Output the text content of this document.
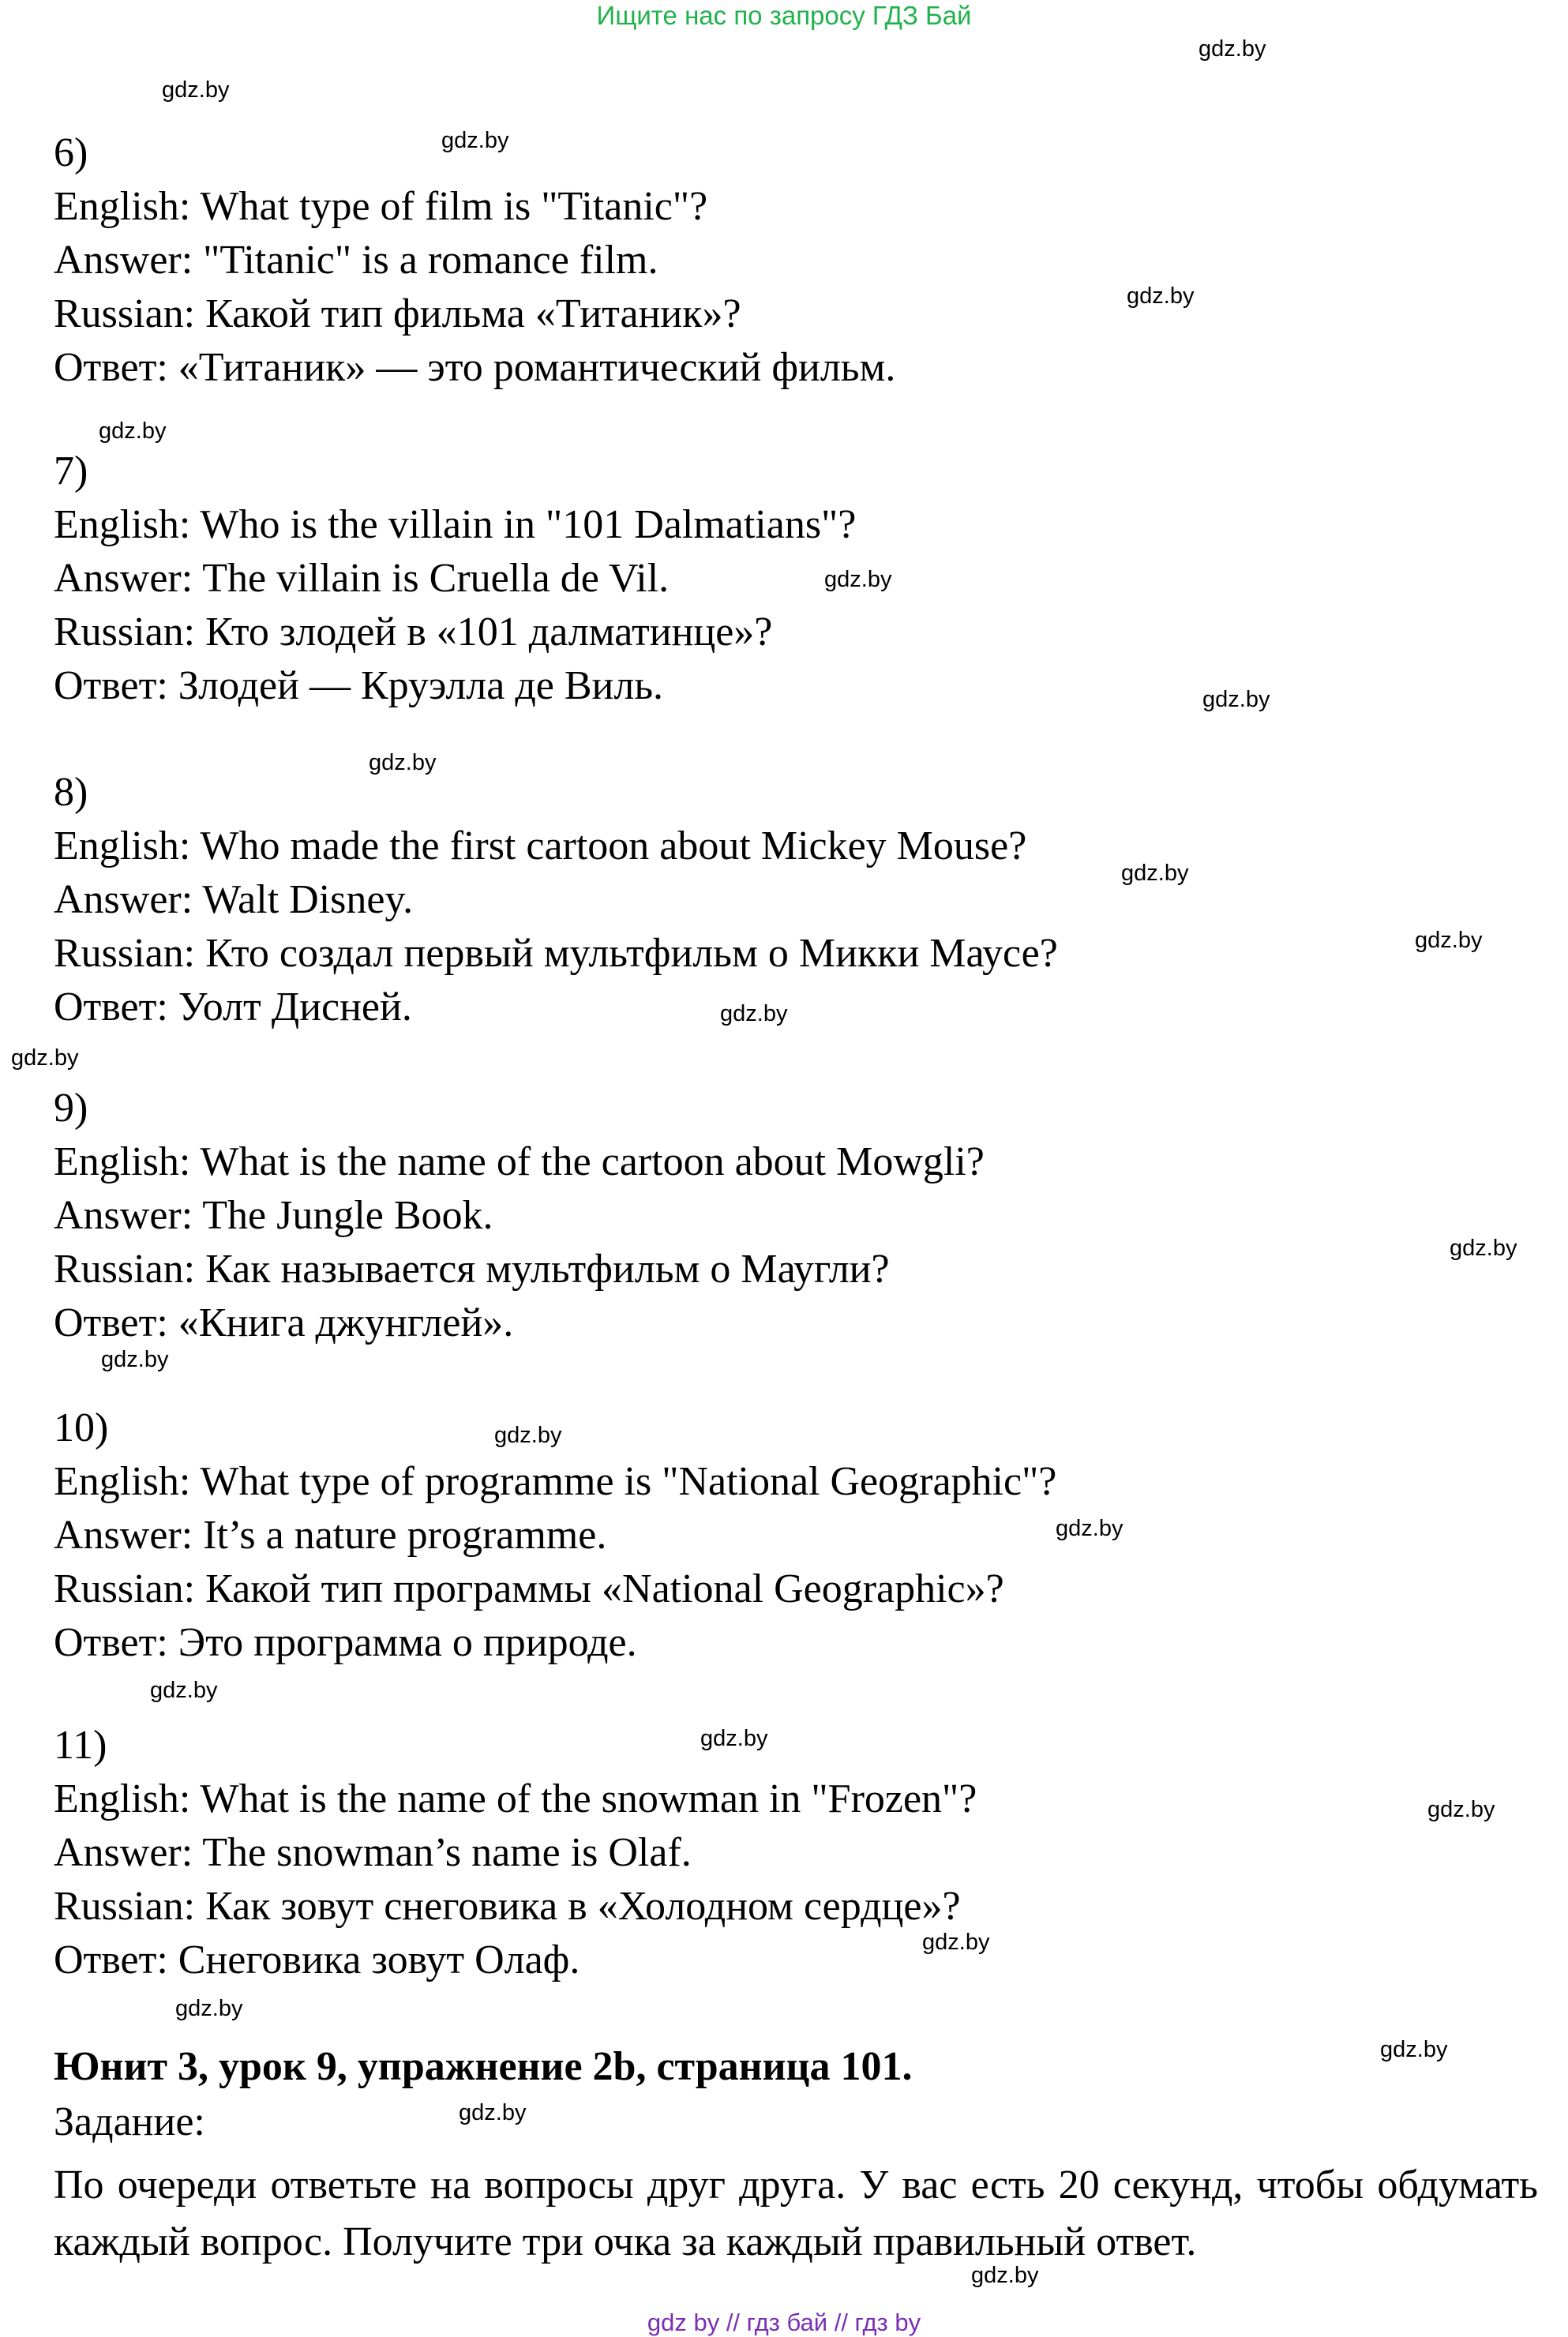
Ищите нас по запросу ГДЗ Бай
6)
English: What type of film is "Titanic"?
Answer: "Titanic" is a romance film.
Russian: Какой тип фильма «Титаник»?
Ответ: «Титаник» — это романтический фильм.
7)
English: Who is the villain in "101 Dalmatians"?
Answer: The villain is Cruella de Vil.
Russian: Кто злодей в «101 далматинце»?
Ответ: Злодей — Круэлла де Виль.
8)
English: Who made the first cartoon about Mickey Mouse?
Answer: Walt Disney.
Russian: Кто создал первый мультфильм о Микки Маусе?
Ответ: Уолт Дисней.
9)
English: What is the name of the cartoon about Mowgli?
Answer: The Jungle Book.
Russian: Как называется мультфильм о Маугли?
Ответ: «Книга джунглей».
10)
English: What type of programme is "National Geographic"?
Answer: It’s a nature programme.
Russian: Какой тип программы «National Geographic»?
Ответ: Это программа о природе.
11)
English: What is the name of the snowman in "Frozen"?
Answer: The snowman’s name is Olaf.
Russian: Как зовут снеговика в «Холодном сердце»?
Ответ: Снеговика зовут Олаф.
Юнит 3, урок 9, упражнение 2b, страница 101.
Задание:
По очереди ответьте на вопросы друг друга. У вас есть 20 секунд, чтобы обдумать каждый вопрос. Получите три очка за каждый правильный ответ.
gdz.by
gdz.by
gdz.by
gdz.by
gdz.by
gdz.by
gdz.by
gdz.by
gdz.by
gdz.by
gdz.by
gdz.by
gdz.by
gdz.by
gdz.by
gdz.by
gdz.by
gdz.by
gdz.by
gdz.by
gdz.by
gdz.by
gdz.by
gdz.by
gdz by // гдз бай // гдз by
